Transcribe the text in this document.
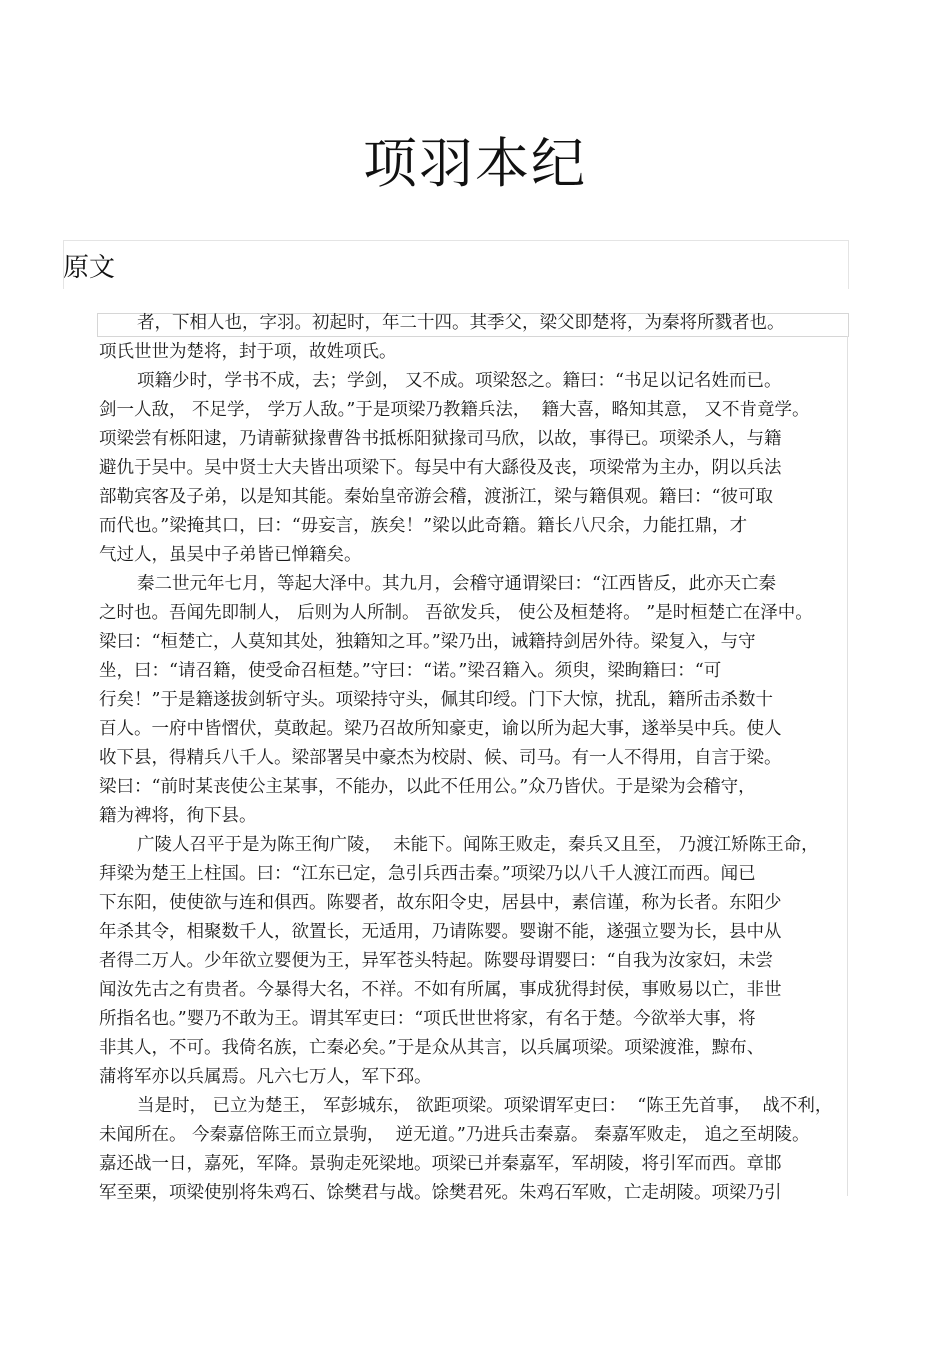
项羽本纪
原文
者，下相人也，字羽。初起时，年二十四。其季父，梁父即楚将，为秦将所戮者也。
项氏世世为楚将，封于项，故姓项氏。
项籍少时，学书不成，去；学剑， 又不成。项梁怒之。籍曰：“书足以记名姓而已。
剑一人敌， 不足学， 学万人敌。”于是项梁乃教籍兵法，  籍大喜，略知其意， 又不肯竟学。
项梁尝有栎阳逮，乃请蕲狱掾曹咎书抵栎阳狱掾司马欣，以故，事得已。项梁杀人，与籍
避仇于吴中。吴中贤士大夫皆出项梁下。每吴中有大繇役及丧，项梁常为主办，阴以兵法
部勒宾客及子弟，以是知其能。秦始皇帝游会稽，渡浙江，梁与籍俱观。籍曰：“彼可取
而代也。”梁掩其口，曰：“毋妄言，族矣！”梁以此奇籍。籍长八尺余，力能扛鼎，才
气过人，虽吴中子弟皆已惮籍矣。
秦二世元年七月，等起大泽中。其九月，会稽守通谓梁曰：“江西皆反，此亦天亡秦
之时也。吾闻先即制人， 后则为人所制。 吾欲发兵， 使公及桓楚将。 ”是时桓楚亡在泽中。
梁曰：“桓楚亡，人莫知其处，独籍知之耳。”梁乃出，诫籍持剑居外待。梁复入，与守
坐，曰：“请召籍，使受命召桓楚。”守曰：“诺。”梁召籍入。须臾，梁眴籍曰：“可
行矣！”于是籍遂拔剑斩守头。项梁持守头，佩其印绶。门下大惊，扰乱，籍所击杀数十
百人。一府中皆慴伏，莫敢起。梁乃召故所知豪吏，谕以所为起大事，遂举吴中兵。使人
收下县，得精兵八千人。梁部署吴中豪杰为校尉、候、司马。有一人不得用，自言于梁。
梁曰：“前时某丧使公主某事，不能办，以此不任用公。”众乃皆伏。于是梁为会稽守，
籍为裨将，徇下县。
广陵人召平于是为陈王徇广陵，  未能下。闻陈王败走，秦兵又且至， 乃渡江矫陈王命，
拜梁为楚王上柱国。曰：“江东已定，急引兵西击秦。”项梁乃以八千人渡江而西。闻已
下东阳，使使欲与连和俱西。陈婴者，故东阳令史，居县中，素信谨，称为长者。东阳少
年杀其令，相聚数千人，欲置长，无适用，乃请陈婴。婴谢不能，遂强立婴为长，县中从
者得二万人。少年欲立婴便为王，异军苍头特起。陈婴母谓婴曰：“自我为汝家妇，未尝
闻汝先古之有贵者。今暴得大名，不祥。不如有所属，事成犹得封侯，事败易以亡，非世
所指名也。”婴乃不敢为王。谓其军吏曰：“项氏世世将家，有名于楚。今欲举大事，将
非其人，不可。我倚名族，亡秦必矣。”于是众从其言，以兵属项梁。项梁渡淮，黥布、
蒲将军亦以兵属焉。凡六七万人，军下邳。
当是时， 已立为楚王， 军彭城东， 欲距项梁。项梁谓军吏曰：  “陈王先首事，  战不利，
未闻所在。 今秦嘉倍陈王而立景驹，  逆无道。”乃进兵击秦嘉。 秦嘉军败走， 追之至胡陵。
嘉还战一日，嘉死，军降。景驹走死梁地。项梁已并秦嘉军，军胡陵，将引军而西。章邯
军至栗，项梁使别将朱鸡石、馀樊君与战。馀樊君死。朱鸡石军败，亡走胡陵。项梁乃引
